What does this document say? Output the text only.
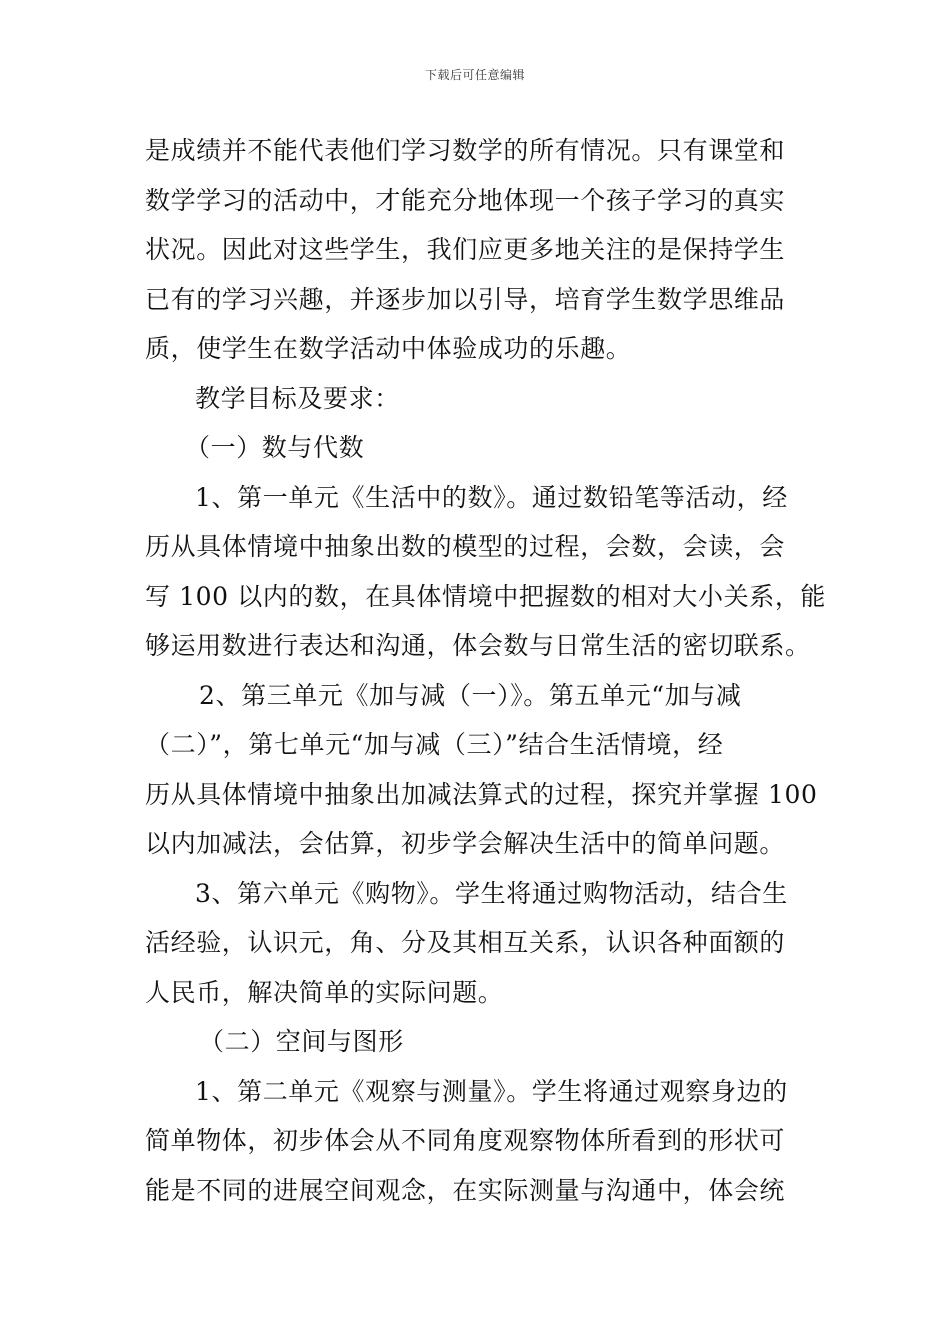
下载后可任意编辑
是成绩并不能代表他们学习数学的所有情况。只有课堂和
数学学习的活动中，才能充分地体现一个孩子学习的真实
状况。因此对这些学生，我们应更多地关注的是保持学生
已有的学习兴趣，并逐步加以引导，培育学生数学思维品
质，使学生在数学活动中体验成功的乐趣。
教学目标及要求：
（一）数与代数
1、第一单元《生活中的数》。通过数铅笔等活动，经
历从具体情境中抽象出数的模型的过程，会数，会读，会
写 100 以内的数，在具体情境中把握数的相对大小关系，能
够运用数进行表达和沟通，体会数与日常生活的密切联系。
2、第三单元《加与减（一）》。第五单元“加与减
（二）”，第七单元“加与减（三）”结合生活情境，经
历从具体情境中抽象出加减法算式的过程，探究并掌握 100
以内加减法，会估算，初步学会解决生活中的简单问题。
3、第六单元《购物》。学生将通过购物活动，结合生
活经验，认识元，角、分及其相互关系，认识各种面额的
人民币，解决简单的实际问题。
（二）空间与图形
1、第二单元《观察与测量》。学生将通过观察身边的
简单物体，初步体会从不同角度观察物体所看到的形状可
能是不同的进展空间观念，在实际测量与沟通中，体会统
